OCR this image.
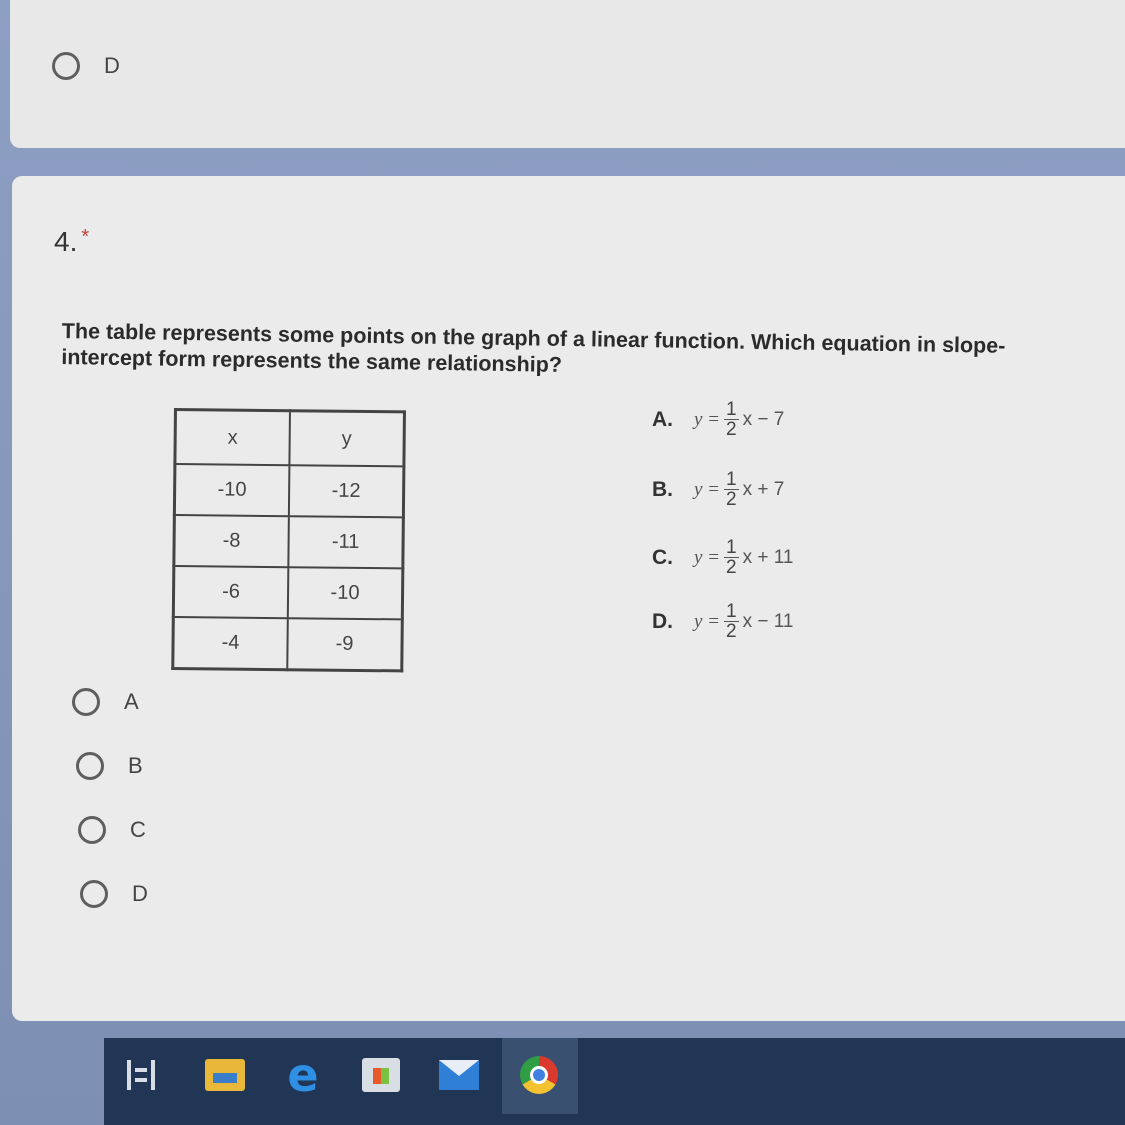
D
4. *
The table represents some points on the graph of a linear function. Which equation in slope-intercept form represents the same relationship?
x	y
-10	-12
-8	-11
-6	-10
-4	-9
A.	$y = \frac{1}{2}$ x − 7
B.	$y = \frac{1}{2}$ x + 7
C.	$y = \frac{1}{2}$ x + 11
D.	$y = \frac{1}{2}$ x − 11
A
B
C
D
e
